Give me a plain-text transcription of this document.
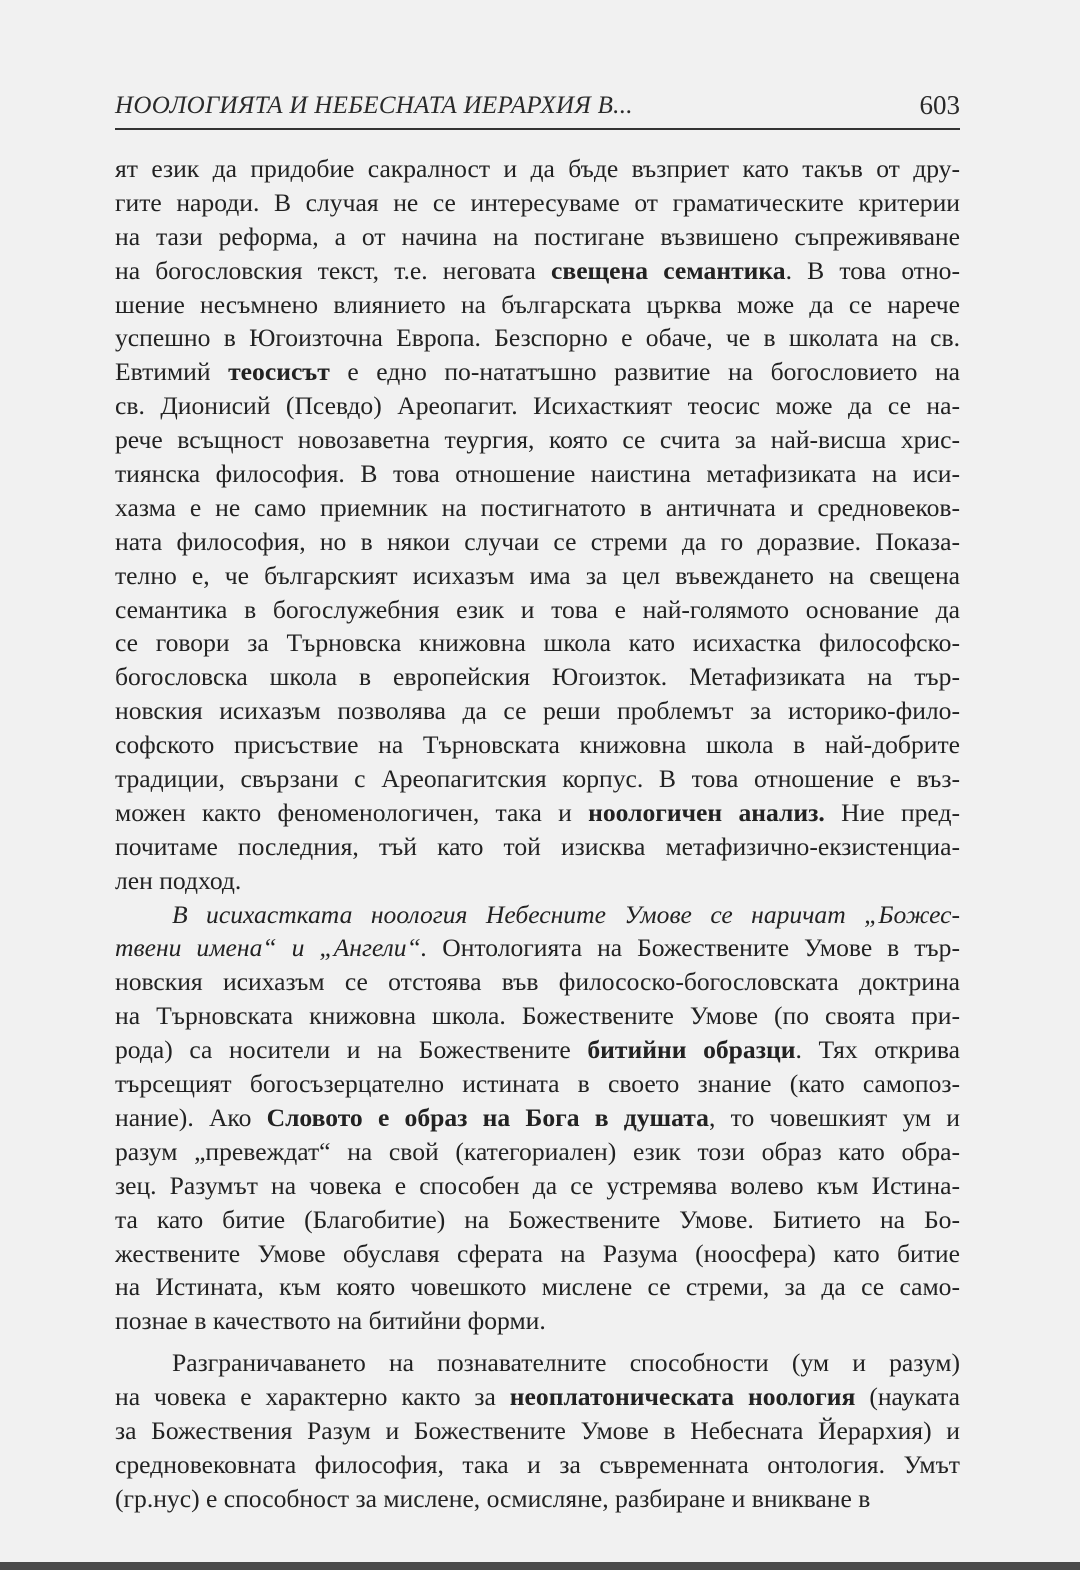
НООЛОГИЯТА И НЕБЕСНАТА ИЕРАРХИЯ В...	603
ят език да придобие сакралност и да бъде възприет като такъв от дру-
гите народи. В случая не се интересуваме от граматическите критерии
на тази реформа, а от начина на постигане възвишено съпреживяване
на богословския текст, т.е. неговата свещена семантика. В това отно-
шение несъмнено влиянието на българската църква може да се нарече
успешно в Югоизточна Европа. Безспорно е обаче, че в школата на св.
Евтимий теосисът е едно по-нататъшно развитие на богословието на
св. Дионисий (Псевдо) Ареопагит. Исихасткият теосис може да се на-
рече всъщност новозаветна теургия, която се счита за най-висша хрис-
тиянска философия. В това отношение наистина метафизиката на иси-
хазма е не само приемник на постигнатото в античната и средновеков-
ната философия, но в някои случаи се стреми да го доразвие. Показа-
телно е, че българският исихазъм има за цел въвеждането на свещена
семантика в богослужебния език и това е най-голямото основание да
се говори за Търновска книжовна школа като исихастка философско-
богословска школа в европейския Югоизток. Метафизиката на тър-
новския исихазъм позволява да се реши проблемът за историко-фило-
софското присъствие на Търновската книжовна школа в най-добрите
традиции, свързани с Ареопагитския корпус. В това отношение е въз-
можен както феноменологичен, така и ноологичен анализ. Ние пред-
почитаме последния, тъй като той изисква метафизично-екзистенциа-
лен подход.
В исихастката ноология Небесните Умове се наричат „Божес-
твени имена“ и „Ангели“. Онтологията на Божествените Умове в тър-
новския исихазъм се отстоява във филососко-богословската доктрина
на Търновската книжовна школа. Божествените Умове (по своята при-
рода) са носители и на Божествените битийни образци. Тях открива
търсещият богосъзерцателно истината в своето знание (като самопоз-
нание). Ако Словото е образ на Бога в душата, то човешкият ум и
разум „превеждат“ на свой (категориален) език този образ като обра-
зец. Разумът на човека е способен да се устремява волево към Истина-
та като битие (Благобитие) на Божествените Умове. Битието на Бо-
жествените Умове обуславя сферата на Разума (ноосфера) като битие
на Истината, към която човешкото мислене се стреми, за да се само-
познае в качеството на битийни форми.
Разграничаването на познавателните способности (ум и разум)
на човека е характерно както за неоплатоническата ноология (науката
за Божествения Разум и Божествените Умове в Небесната Йерархия) и
средновековната философия, така и за съвременната онтология. Умът
(гр.нус) е способност за мислене, осмисляне, разбиране и вникване в
